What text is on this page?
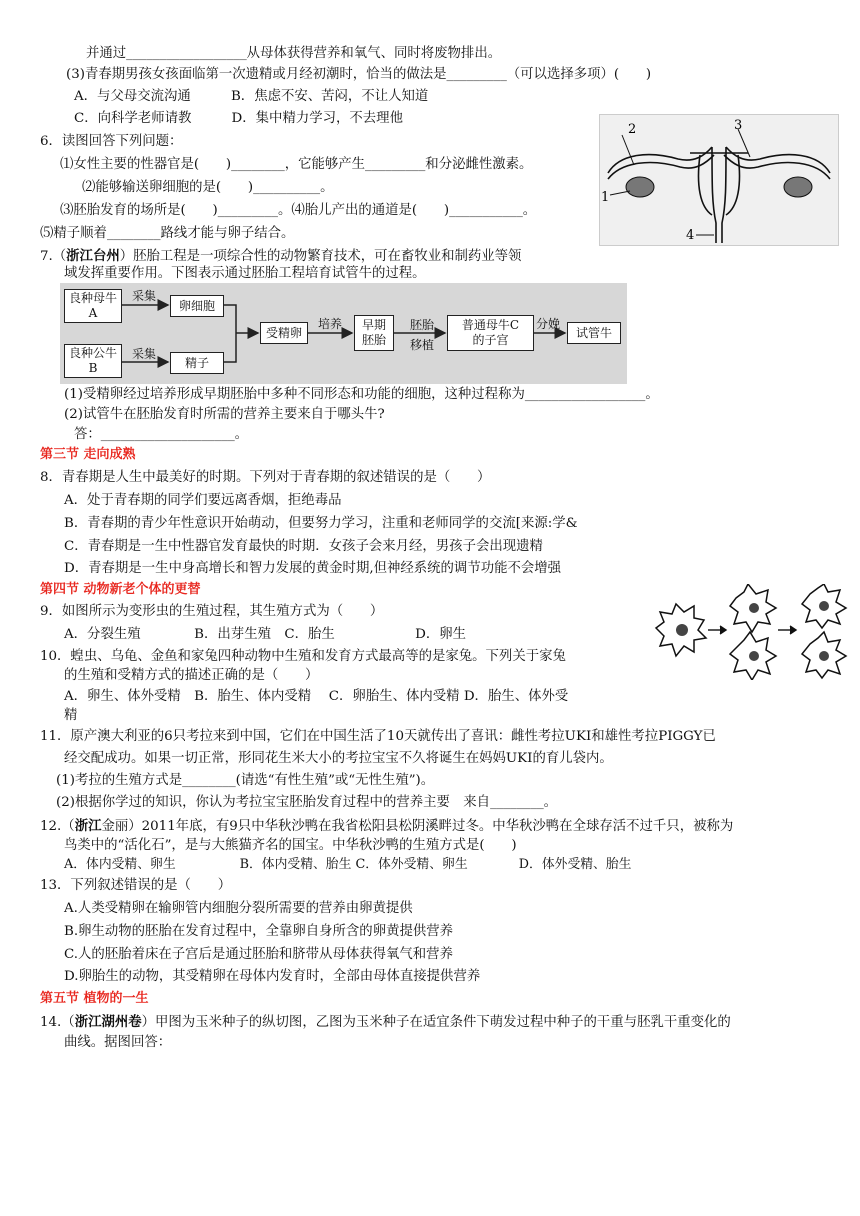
并通过__________________从母体获得营养和氧气、同时将废物排出。
(3)青春期男孩女孩面临第一次遗精或月经初潮时，恰当的做法是_________（可以选择多项）(　　)
A．与父母交流沟通　　　B．焦虑不安、苦闷，不让人知道
C．向科学老师请教　　　D．集中精力学习，不去理他
6．读图回答下列问题：
⑴女性主要的性器官是(　　)________，它能够产生_________和分泌雌性激素。
⑵能够输送卵细胞的是(　　)__________。
⑶胚胎发育的场所是(　　)_________。⑷胎儿产出的通道是(　　)___________。
⑸精子顺着________路线才能与卵子结合。
7.（浙江台州）胚胎工程是一项综合性的动物繁育技术，可在畜牧业和制药业等领
域发挥重要作用。下图表示通过胚胎工程培育试管牛的过程。
良种母牛A
良种公牛B
采集
采集
卵细胞
精子
受精卵
培养	早期胚胎
胚胎移植
普通母牛C的子宫
分娩
试管牛
(1)受精卵经过培养形成早期胚胎中多种不同形态和功能的细胞，这种过程称为__________________。
(2)试管牛在胚胎发育时所需的营养主要来自于哪头牛?
答：____________________。
第三节 走向成熟
8．青春期是人生中最美好的时期。下列对于青春期的叙述错误的是（　　）
A．处于青春期的同学们要远离香烟，拒绝毒品
B．青春期的青少年性意识开始萌动，但要努力学习，注重和老师同学的交流[来源:学&
C．青春期是一生中性器官发育最快的时期．女孩子会来月经，男孩子会出现遗精
D．青春期是一生中身高增长和智力发展的黄金时期,但神经系统的调节功能不会增强
第四节 动物新老个体的更替
9．如图所示为变形虫的生殖过程，其生殖方式为（　　）
A．分裂生殖　　　　B．出芽生殖　C．胎生　　　　　　D．卵生
10．蝗虫、乌龟、金鱼和家兔四种动物中生殖和发育方式最高等的是家兔。下列关于家兔
的生殖和受精方式的描述正确的是（　　）
A．卵生、体外受精　B．胎生、体内受精　 C．卵胎生、体内受精 D．胎生、体外受
精
11．原产澳大利亚的6只考拉来到中国，它们在中国生活了10天就传出了喜讯：雌性考拉UKI和雄性考拉PIGGY已
经交配成功。如果一切正常，形同花生米大小的考拉宝宝不久将诞生在妈妈UKI的育儿袋内。
(1)考拉的生殖方式是________(请选“有性生殖”或“无性生殖”)。
(2)根据你学过的知识，你认为考拉宝宝胚胎发育过程中的营养主要　来自________。
12.（浙江金丽）2011年底，有9只中华秋沙鸭在我省松阳县松阴溪畔过冬。中华秋沙鸭在全球存活不过千只，被称为
鸟类中的“活化石”，是与大熊猫齐名的国宝。中华秋沙鸭的生殖方式是(　　)
A．体内受精、卵生　　　　　B．体内受精、胎生 C．体外受精、卵生　　　　D．体外受精、胎生
13．下列叙述错误的是（　　）
A.人类受精卵在输卵管内细胞分裂所需要的营养由卵黄提供
B.卵生动物的胚胎在发育过程中，全靠卵自身所含的卵黄提供营养
C.人的胚胎着床在子宫后是通过胚胎和脐带从母体获得氧气和营养
D.卵胎生的动物，其受精卵在母体内发育时，全部由母体直接提供营养
第五节 植物的一生
14.（浙江湖州卷）甲图为玉米种子的纵切图，乙图为玉米种子在适宜条件下萌发过程中种子的干重与胚乳干重变化的
曲线。据图回答：
2	3
1
4
